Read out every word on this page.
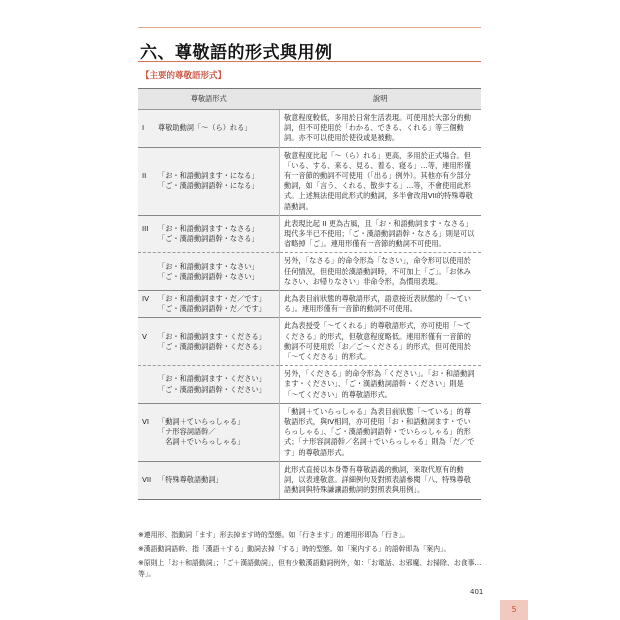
六、尊敬語的形式與用例
【主要的尊敬語形式】
尊敬語形式	說明

I 尊敬助動詞「～（ら）れる」	敬意程度較低，多用於日常生活表現。可使用於大部分的動詞，但不可使用於「わかる、できる、くれる」等三個動詞。亦不可以使用於使役或是被動。

II 「お・和語動詞ます・になる」
「ご・漢語動詞語幹・になる」	敬意程度比起「～（ら）れる」更高，多用於正式場合。但「いる、する、来る、見る、着る、寝る」…等，連用形僅有一音節的動詞不可使用（「出る」例外）。其他亦有少部分動詞，如「言う、くれる、散歩する」…等，不會使用此形式。上述無法使用此形式的動詞，多半會改用VII的特殊尊敬語動詞。

III 「お・和語動詞ます・なさる」
「ご・漢語動詞語幹・なさる」	此表現比起 II 更為古風，且「お・和語動詞ます・なさる」現代多半已不使用；「ご・漢語動詞語幹・なさる」則是可以省略掉「ご」。連用形僅有一音節的動詞不可使用。

「お・和語動詞ます・なさい」
「ご・漢語動詞語幹・なさい」	另外，「なさる」的命令形為「なさい」，命令形可以使用於任何情況，但使用於漢語動詞時，不可加上「ご」。「お休みなさい、お帰りなさい」非命令形，為慣用表現。

IV 「お・和語動詞ます・だ／です」
「ご・漢語動詞語幹・だ／です」	此為表目前狀態的尊敬語形式，語意接近表狀態的「～ている」。連用形僅有一音節的動詞不可使用。

V 「お・和語動詞ます・くださる」
「ご・漢語動詞語幹・くださる」	此為表授受「～てくれる」的尊敬語形式，亦可使用「～てくださる」的形式，但敬意程度略低。連用形僅有一音節的動詞不可使用於「お／ご～くださる」的形式，但可使用於「～てくださる」的形式。

「お・和語動詞ます・ください」
「ご・漢語動詞語幹・ください」	另外，「くださる」的命令形為「ください」。「お・和語動詞ます・ください」、「ご・漢語動詞語幹・ください」則是「～てください」的尊敬語形式。

VI 「動詞＋ていらっしゃる」
「ナ形容詞語幹／
　名詞＋でいらっしゃる」	「動詞＋ていらっしゃる」為表目前狀態「～ている」的尊敬語形式，與IV相同，亦可使用「お・和語動詞ます・でいらっしゃる」、「ご・漢語動詞語幹・でいらっしゃる」的形式；「ナ形容詞語幹／名詞＋でいらっしゃる」則為「だ／です」的尊敬語形式。

VII 「特殊尊敬語動詞」	此形式直接以本身帶有尊敬語義的動詞，來取代原有的動詞，以表達敬意。詳細例句及對照表請參閱「八、特殊尊敬語動詞與特殊謙讓語動詞的對照表與用例」。

※連用形、指動詞「ます」形去掉ます時的型態。如「行きます」的連用形即為「行き」。

※漢語動詞語幹、指「漢語＋する」動詞去掉「する」時的型態。如「案内する」的語幹即為「案内」。

※原則上「お＋和語動詞」；「ご＋漢語動詞」，但有少數漢語動詞例外，如：「お電話、お邪魔、お掃除、お食事…等」。

401
5
